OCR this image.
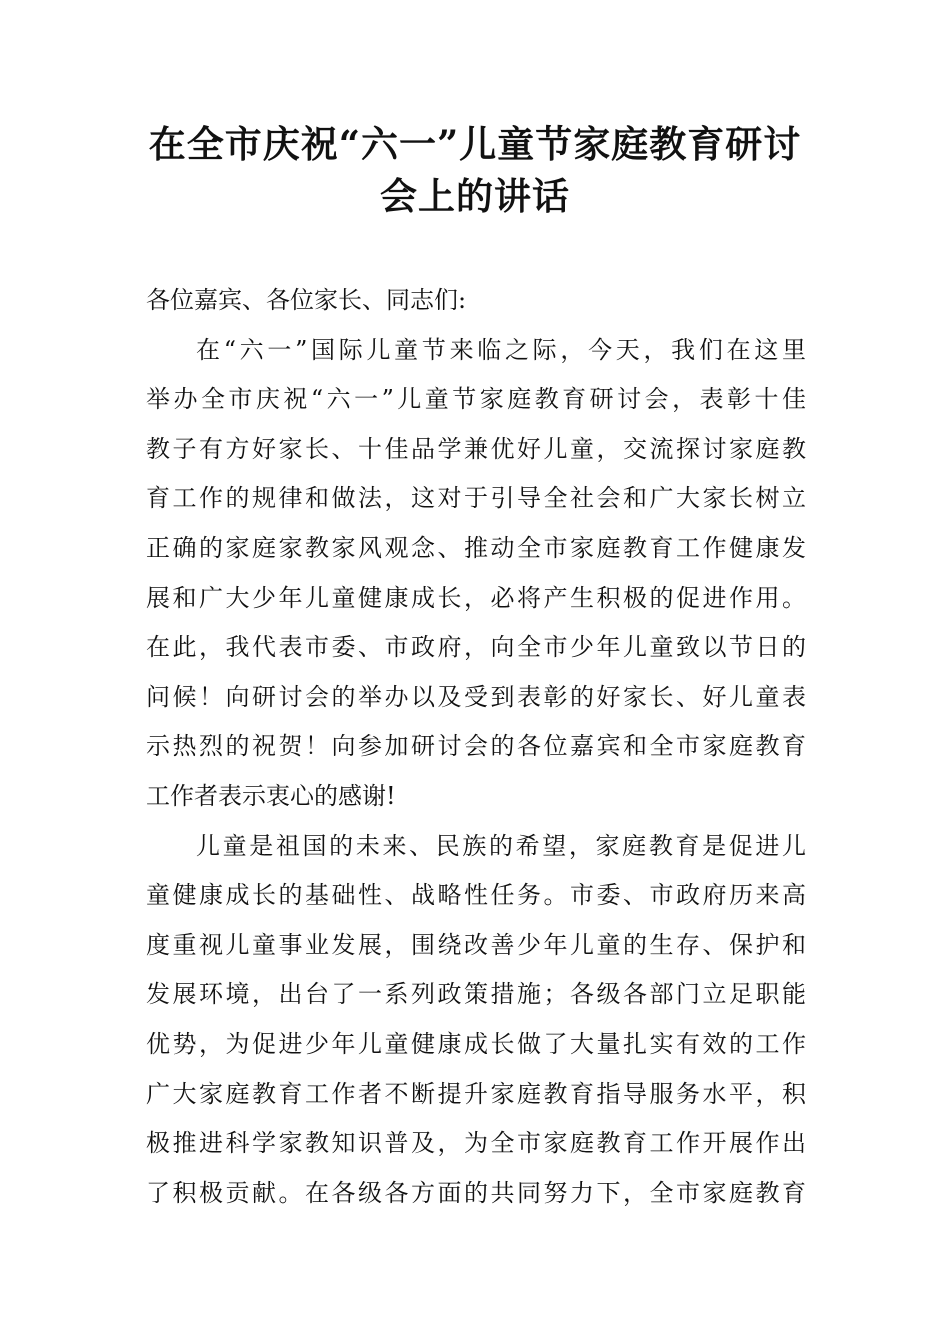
在全市庆祝“六一”儿童节家庭教育研讨
会上的讲话
各位嘉宾、各位家长、同志们:
在“六一”国际儿童节来临之际，今天，我们在这里
举办全市庆祝“六一”儿童节家庭教育研讨会，表彰十佳
教子有方好家长、十佳品学兼优好儿童，交流探讨家庭教
育工作的规律和做法，这对于引导全社会和广大家长树立
正确的家庭家教家风观念、推动全市家庭教育工作健康发
展和广大少年儿童健康成长，必将产生积极的促进作用。
在此，我代表市委、市政府，向全市少年儿童致以节日的
问候！向研讨会的举办以及受到表彰的好家长、好儿童表
示热烈的祝贺！向参加研讨会的各位嘉宾和全市家庭教育
工作者表示衷心的感谢!
儿童是祖国的未来、民族的希望，家庭教育是促进儿
童健康成长的基础性、战略性任务。市委、市政府历来高
度重视儿童事业发展，围绕改善少年儿童的生存、保护和
发展环境，出台了一系列政策措施；各级各部门立足职能
优势，为促进少年儿童健康成长做了大量扎实有效的工作
广大家庭教育工作者不断提升家庭教育指导服务水平，积
极推进科学家教知识普及，为全市家庭教育工作开展作出
了积极贡献。在各级各方面的共同努力下，全市家庭教育
